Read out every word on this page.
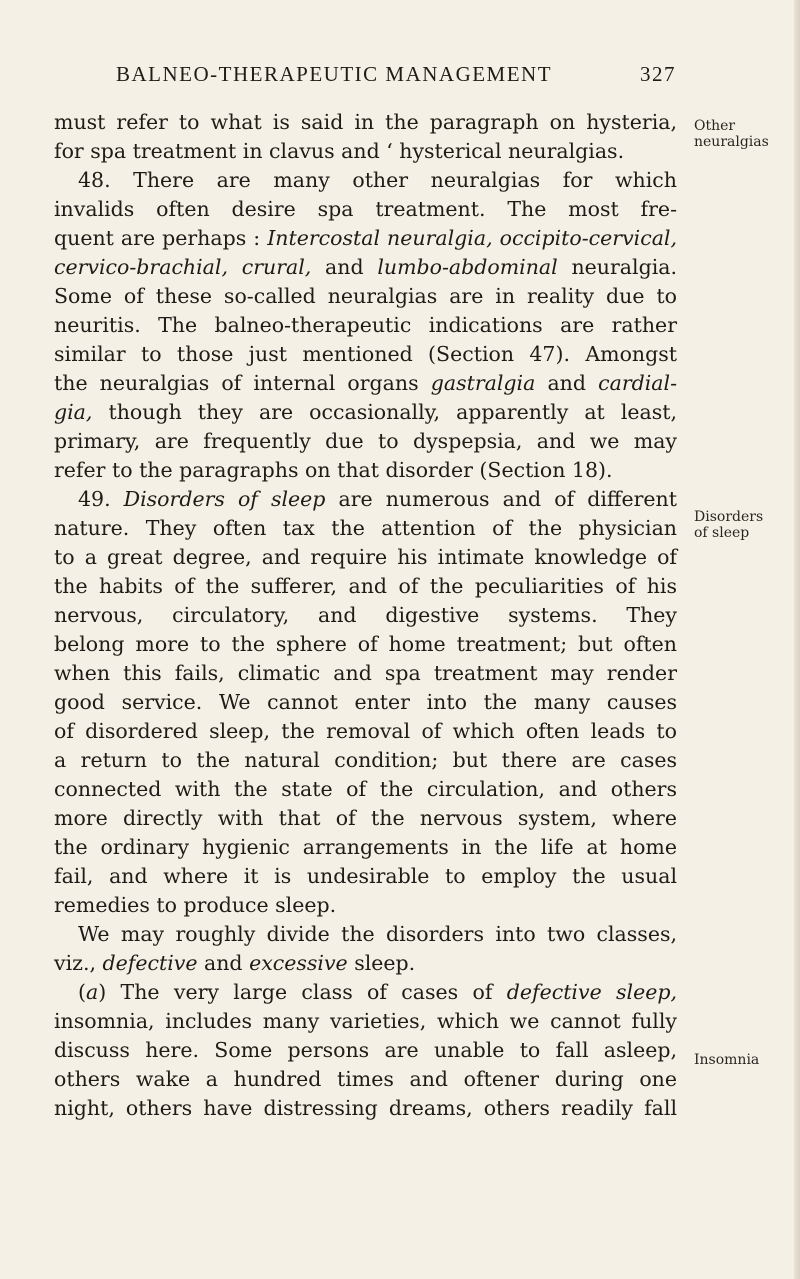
BALNEO-THERAPEUTIC MANAGEMENT	327
must refer to what is said in the paragraph on hysteria,
for spa treatment in clavus and ‘ hysterical neuralgias.
48. There are many other neuralgias for which
invalids often desire spa treatment. The most fre-
quent are perhaps : Intercostal neuralgia, occipito-cervical,
cervico-brachial, crural, and lumbo-abdominal neuralgia.
Some of these so-called neuralgias are in reality due to
neuritis. The balneo-therapeutic indications are rather
similar to those just mentioned (Section 47). Amongst
the neuralgias of internal organs gastralgia and cardial-
gia, though they are occasionally, apparently at least,
primary, are frequently due to dyspepsia, and we may
refer to the paragraphs on that disorder (Section 18).
49. Disorders of sleep are numerous and of different
nature. They often tax the attention of the physician
to a great degree, and require his intimate knowledge of
the habits of the sufferer, and of the peculiarities of his
nervous, circulatory, and digestive systems. They
belong more to the sphere of home treatment; but often
when this fails, climatic and spa treatment may render
good service. We cannot enter into the many causes
of disordered sleep, the removal of which often leads to
a return to the natural condition; but there are cases
connected with the state of the circulation, and others
more directly with that of the nervous system, where
the ordinary hygienic arrangements in the life at home
fail, and where it is undesirable to employ the usual
remedies to produce sleep.
We may roughly divide the disorders into two classes,
viz., defective and excessive sleep.
(a) The very large class of cases of defective sleep,
insomnia, includes many varieties, which we cannot fully
discuss here. Some persons are unable to fall asleep,
others wake a hundred times and oftener during one
night, others have distressing dreams, others readily fall
Other
neuralgias
Disorders
of sleep
Insomnia
